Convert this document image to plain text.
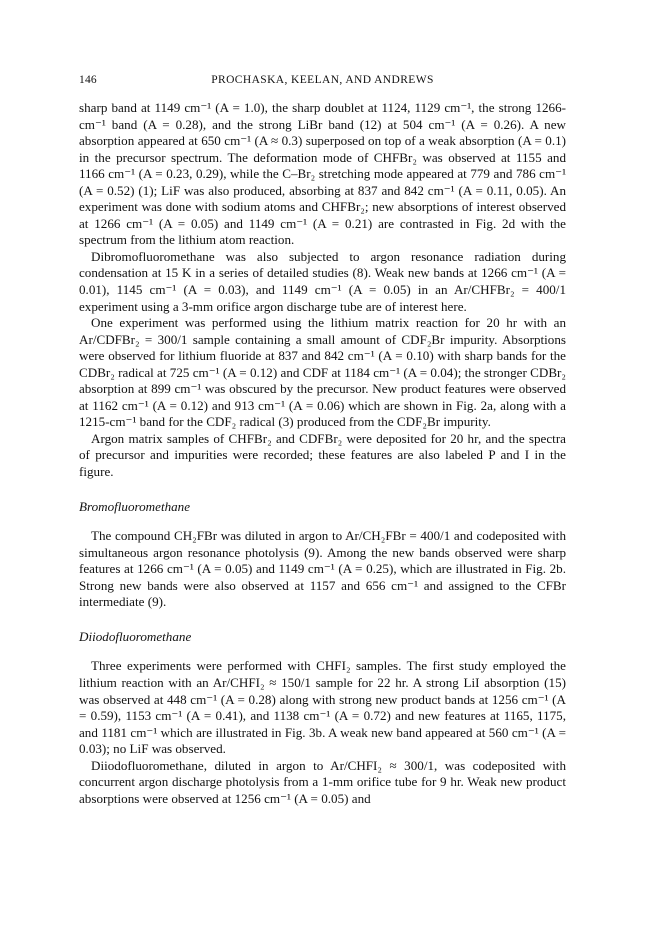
146	PROCHASKA, KEELAN, AND ANDREWS

sharp band at 1149 cm⁻¹ (A = 1.0), the sharp doublet at 1124, 1129 cm⁻¹, the strong 1266-cm⁻¹ band (A = 0.28), and the strong LiBr band (12) at 504 cm⁻¹ (A = 0.26). A new absorption appeared at 650 cm⁻¹ (A ≈ 0.3) superposed on top of a weak absorption (A = 0.1) in the precursor spectrum. The deformation mode of CHFBr₂ was observed at 1155 and 1166 cm⁻¹ (A = 0.23, 0.29), while the C–Br₂ stretching mode appeared at 779 and 786 cm⁻¹ (A = 0.52) (1); LiF was also produced, absorbing at 837 and 842 cm⁻¹ (A = 0.11, 0.05). An experiment was done with sodium atoms and CHFBr₂; new absorptions of interest observed at 1266 cm⁻¹ (A = 0.05) and 1149 cm⁻¹ (A = 0.21) are contrasted in Fig. 2d with the spectrum from the lithium atom reaction.

Dibromofluoromethane was also subjected to argon resonance radiation during condensation at 15 K in a series of detailed studies (8). Weak new bands at 1266 cm⁻¹ (A = 0.01), 1145 cm⁻¹ (A = 0.03), and 1149 cm⁻¹ (A = 0.05) in an Ar/CHFBr₂ = 400/1 experiment using a 3-mm orifice argon discharge tube are of interest here.

One experiment was performed using the lithium matrix reaction for 20 hr with an Ar/CDFBr₂ = 300/1 sample containing a small amount of CDF₂Br impurity. Absorptions were observed for lithium fluoride at 837 and 842 cm⁻¹ (A = 0.10) with sharp bands for the CDBr₂ radical at 725 cm⁻¹ (A = 0.12) and CDF at 1184 cm⁻¹ (A = 0.04); the stronger CDBr₂ absorption at 899 cm⁻¹ was obscured by the precursor. New product features were observed at 1162 cm⁻¹ (A = 0.12) and 913 cm⁻¹ (A = 0.06) which are shown in Fig. 2a, along with a 1215-cm⁻¹ band for the CDF₂ radical (3) produced from the CDF₂Br impurity.

Argon matrix samples of CHFBr₂ and CDFBr₂ were deposited for 20 hr, and the spectra of precursor and impurities were recorded; these features are also labeled P and I in the figure.

Bromofluoromethane

The compound CH₂FBr was diluted in argon to Ar/CH₂FBr = 400/1 and codeposited with simultaneous argon resonance photolysis (9). Among the new bands observed were sharp features at 1266 cm⁻¹ (A = 0.05) and 1149 cm⁻¹ (A = 0.25), which are illustrated in Fig. 2b. Strong new bands were also observed at 1157 and 656 cm⁻¹ and assigned to the CFBr intermediate (9).

Diiodofluoromethane

Three experiments were performed with CHFI₂ samples. The first study employed the lithium reaction with an Ar/CHFI₂ ≈ 150/1 sample for 22 hr. A strong LiI absorption (15) was observed at 448 cm⁻¹ (A = 0.28) along with strong new product bands at 1256 cm⁻¹ (A = 0.59), 1153 cm⁻¹ (A = 0.41), and 1138 cm⁻¹ (A = 0.72) and new features at 1165, 1175, and 1181 cm⁻¹ which are illustrated in Fig. 3b. A weak new band appeared at 560 cm⁻¹ (A = 0.03); no LiF was observed.

Diiodofluoromethane, diluted in argon to Ar/CHFI₂ ≈ 300/1, was codeposited with concurrent argon discharge photolysis from a 1-mm orifice tube for 9 hr. Weak new product absorptions were observed at 1256 cm⁻¹ (A = 0.05) and
